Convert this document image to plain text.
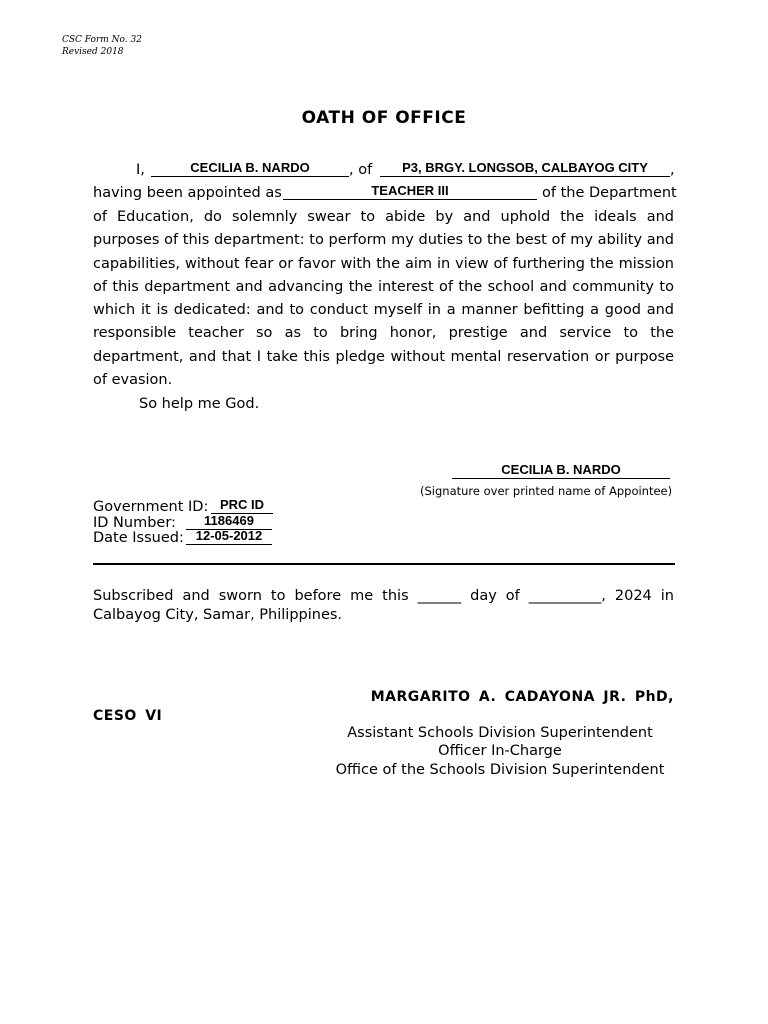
CSC Form No. 32
Revised 2018
OATH OF OFFICE
I,	CECILIA B. NARDO	, of	P3, BRGY. LONGSOB, CALBAYOG CITY	,
having been appointed as	TEACHER III	of the Department
of Education, do solemnly swear to abide by and uphold the ideals and purposes of this department: to perform my duties to the best of my ability and capabilities, without fear or favor with the aim in view of furthering the mission of this department and advancing the interest of the school and community to which it is dedicated: and to conduct myself in a manner befitting a good and responsible teacher so as to bring honor, prestige and service to the department, and that I take this pledge without mental reservation or purpose of evasion.
So help me God.
CECILIA B. NARDO
(Signature over printed name of Appointee)
Government ID: PRC ID
ID Number:	1186469
Date Issued: 12-05-2012
Subscribed and sworn to before me this ______ day of __________, 2024 in Calbayog City, Samar, Philippines.
MARGARITO A. CADAYONA JR. PhD,
CESO VI
Assistant Schools Division Superintendent
Officer In-Charge
Office of the Schools Division Superintendent
